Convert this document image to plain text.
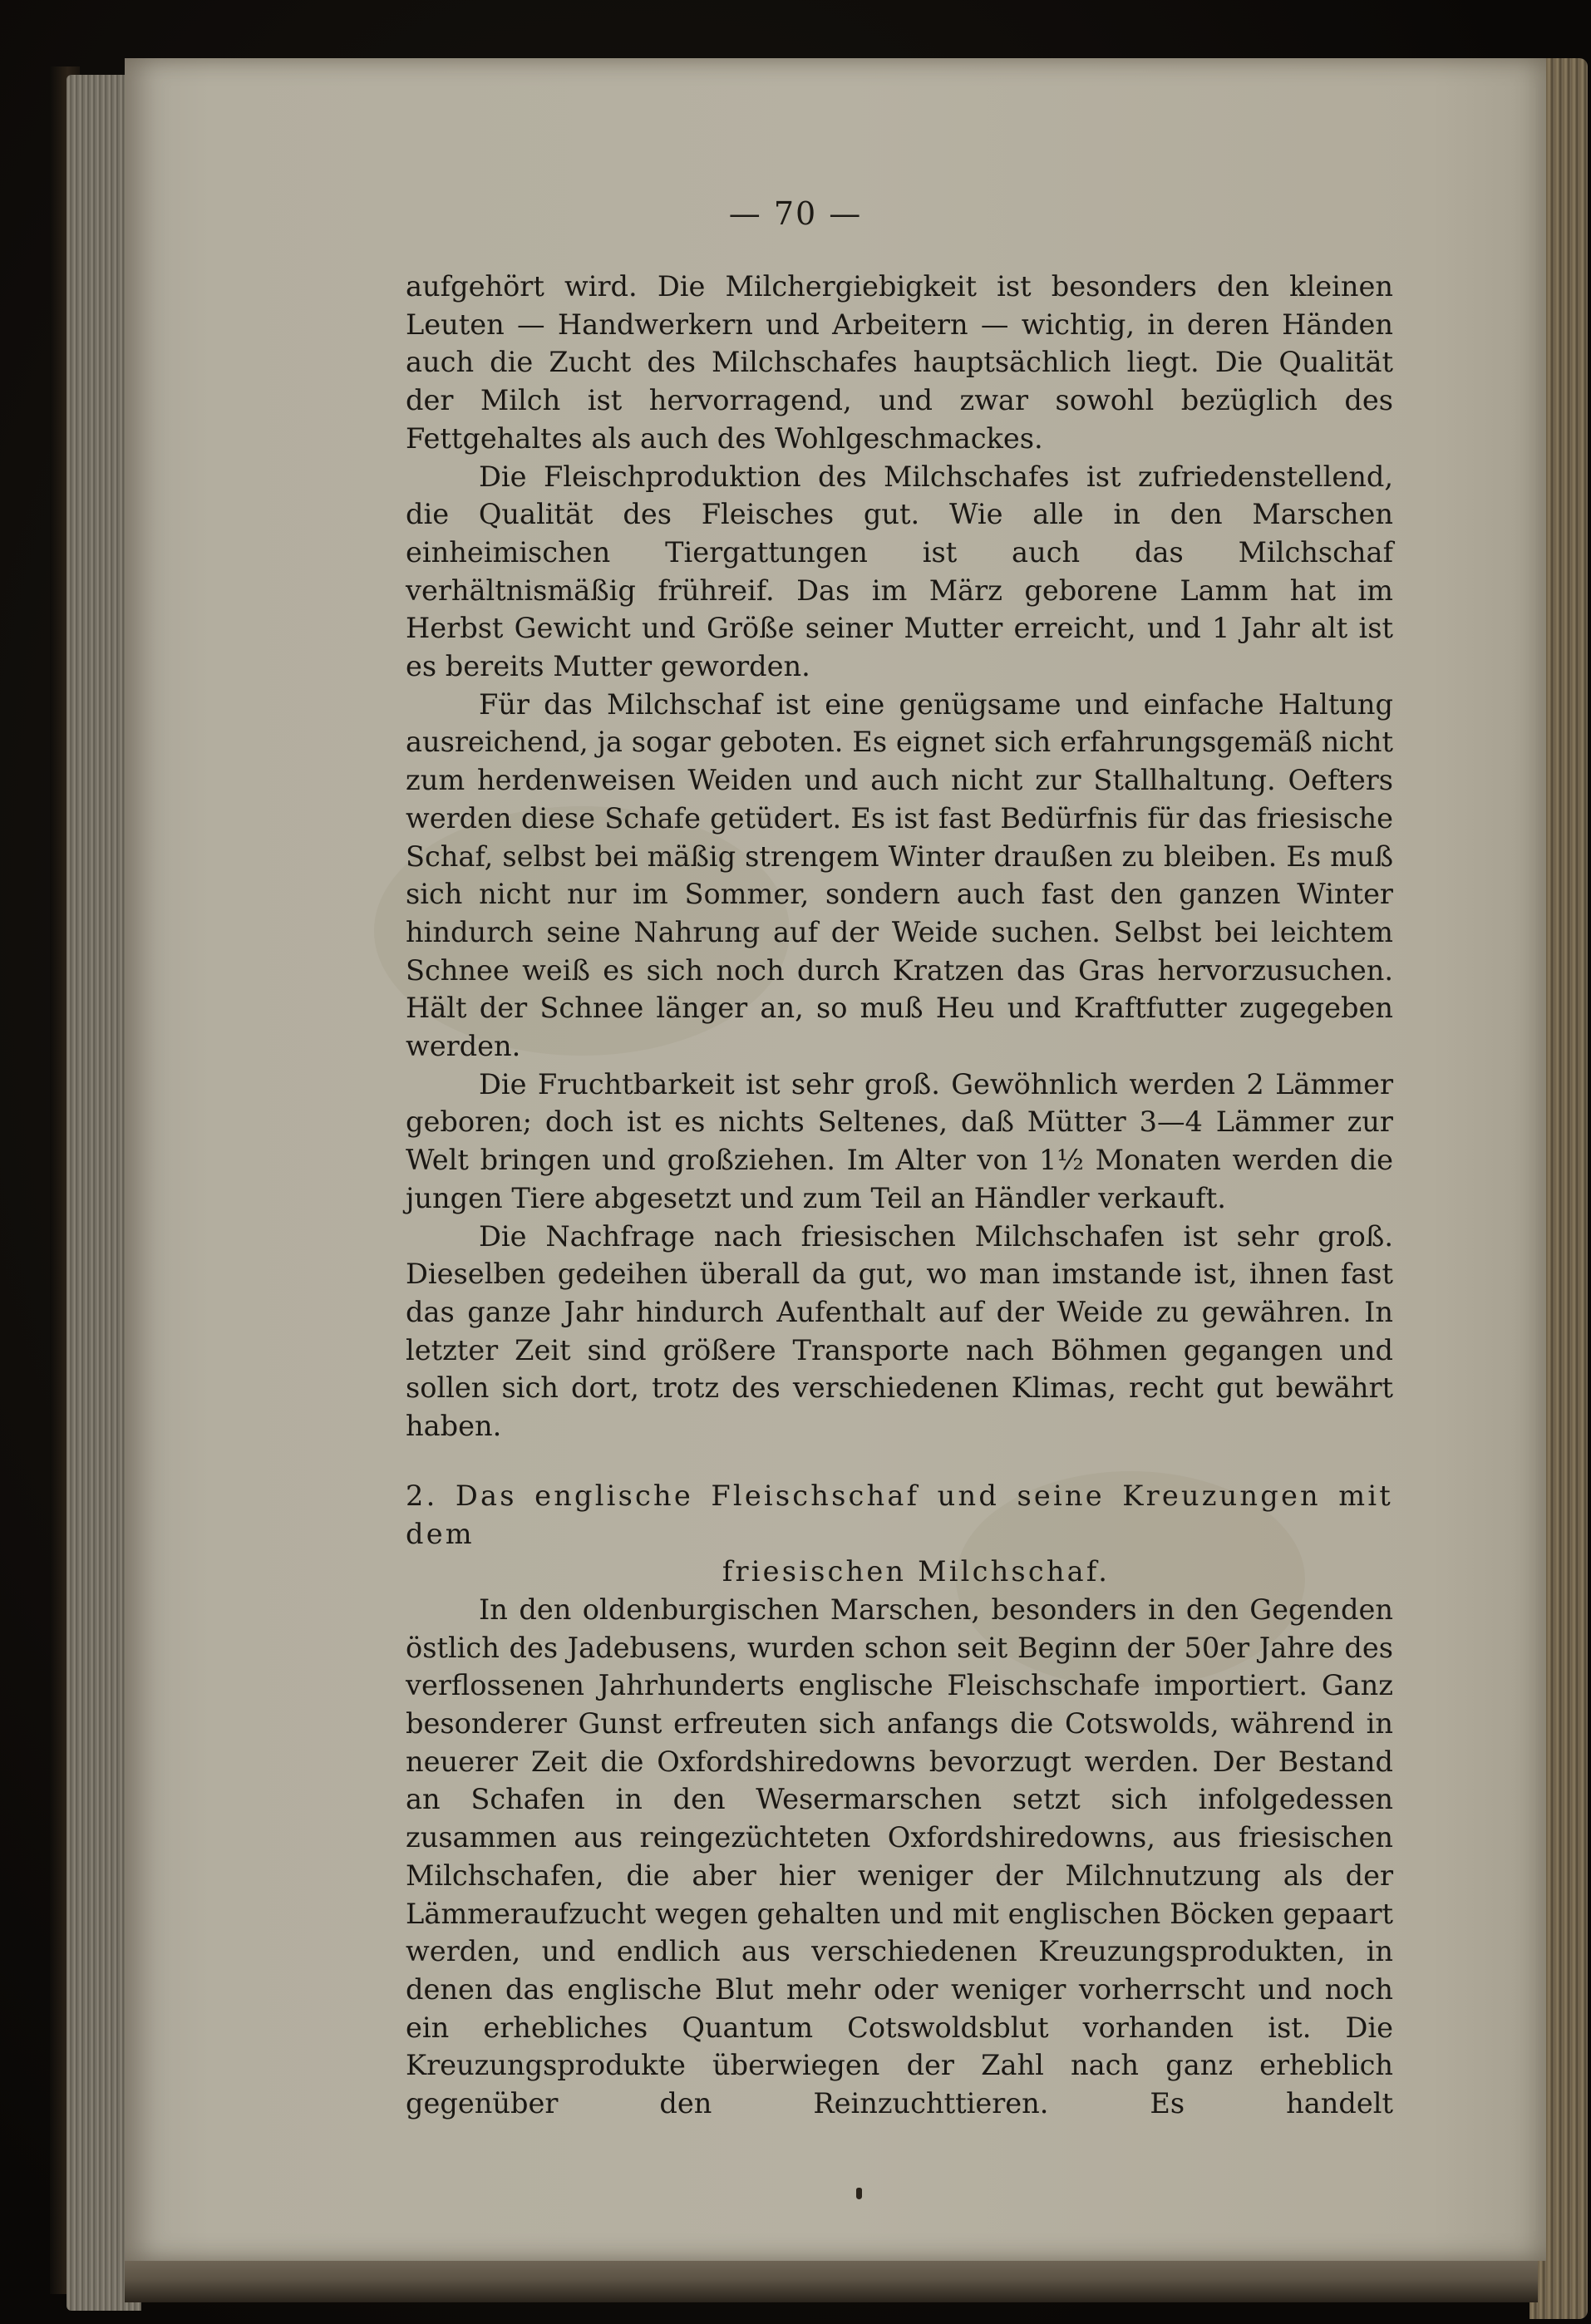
— 70 —

aufgehört wird. Die Milchergiebigkeit ist besonders den kleinen Leuten — Handwerkern und Arbeitern — wichtig, in deren Händen auch die Zucht des Milchschafes hauptsächlich liegt. Die Qualität der Milch ist hervorragend, und zwar sowohl bezüglich des Fettgehaltes als auch des Wohlgeschmackes.

Die Fleischproduktion des Milchschafes ist zufriedenstellend, die Qualität des Fleisches gut. Wie alle in den Marschen einheimischen Tiergattungen ist auch das Milchschaf verhältnismäßig frühreif. Das im März geborene Lamm hat im Herbst Gewicht und Größe seiner Mutter erreicht, und 1 Jahr alt ist es bereits Mutter geworden.

Für das Milchschaf ist eine genügsame und einfache Haltung ausreichend, ja sogar geboten. Es eignet sich erfahrungsgemäß nicht zum herdenweisen Weiden und auch nicht zur Stallhaltung. Oefters werden diese Schafe getüdert. Es ist fast Bedürfnis für das friesische Schaf, selbst bei mäßig strengem Winter draußen zu bleiben. Es muß sich nicht nur im Sommer, sondern auch fast den ganzen Winter hindurch seine Nahrung auf der Weide suchen. Selbst bei leichtem Schnee weiß es sich noch durch Kratzen das Gras hervorzusuchen. Hält der Schnee länger an, so muß Heu und Kraftfutter zugegeben werden.

Die Fruchtbarkeit ist sehr groß. Gewöhnlich werden 2 Lämmer geboren; doch ist es nichts Seltenes, daß Mütter 3—4 Lämmer zur Welt bringen und großziehen. Im Alter von 1½ Monaten werden die jungen Tiere abgesetzt und zum Teil an Händler verkauft.

Die Nachfrage nach friesischen Milchschafen ist sehr groß. Dieselben gedeihen überall da gut, wo man imstande ist, ihnen fast das ganze Jahr hindurch Aufenthalt auf der Weide zu gewähren. In letzter Zeit sind größere Transporte nach Böhmen gegangen und sollen sich dort, trotz des verschiedenen Klimas, recht gut bewährt haben.

2. Das englische Fleischschaf und seine Kreuzungen mit dem
friesischen Milchschaf.

In den oldenburgischen Marschen, besonders in den Gegenden östlich des Jadebusens, wurden schon seit Beginn der 50er Jahre des verflossenen Jahrhunderts englische Fleischschafe importiert. Ganz besonderer Gunst erfreuten sich anfangs die Cotswolds, während in neuerer Zeit die Oxfordshiredowns bevorzugt werden. Der Bestand an Schafen in den Wesermarschen setzt sich infolgedessen zusammen aus reingezüchteten Oxfordshiredowns, aus friesischen Milchschafen, die aber hier weniger der Milchnutzung als der Lämmeraufzucht wegen gehalten und mit englischen Böcken gepaart werden, und endlich aus verschiedenen Kreuzungsprodukten, in denen das englische Blut mehr oder weniger vorherrscht und noch ein erhebliches Quantum Cotswoldsblut vorhanden ist. Die Kreuzungsprodukte überwiegen der Zahl nach ganz erheblich gegenüber den Reinzuchttieren. Es handelt
